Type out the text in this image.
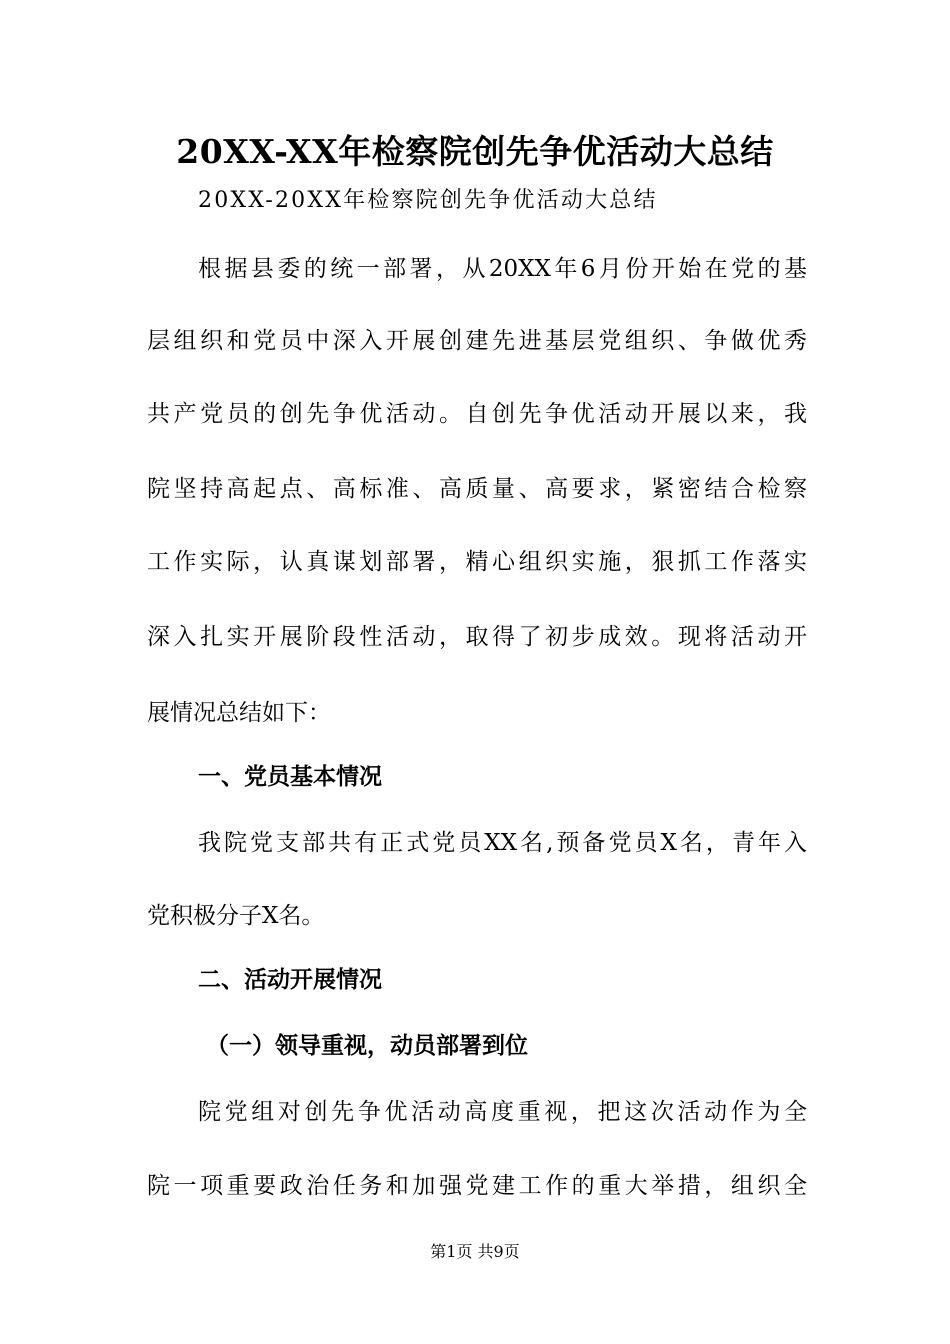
20XX-XX年检察院创先争优活动大总结
20XX-20XX年检察院创先争优活动大总结
根据县委的统一部署，从20XX年6月份开始在党的基
层组织和党员中深入开展创建先进基层党组织、争做优秀
共产党员的创先争优活动。自创先争优活动开展以来，我
院坚持高起点、高标准、高质量、高要求，紧密结合检察
工作实际，认真谋划部署，精心组织实施，狠抓工作落实
深入扎实开展阶段性活动，取得了初步成效。现将活动开
展情况总结如下：
一、党员基本情况
我院党支部共有正式党员XX名,预备党员X名，青年入
党积极分子X名。
二、活动开展情况
（一）领导重视，动员部署到位
院党组对创先争优活动高度重视，把这次活动作为全
院一项重要政治任务和加强党建工作的重大举措，组织全
第1页 共9页
